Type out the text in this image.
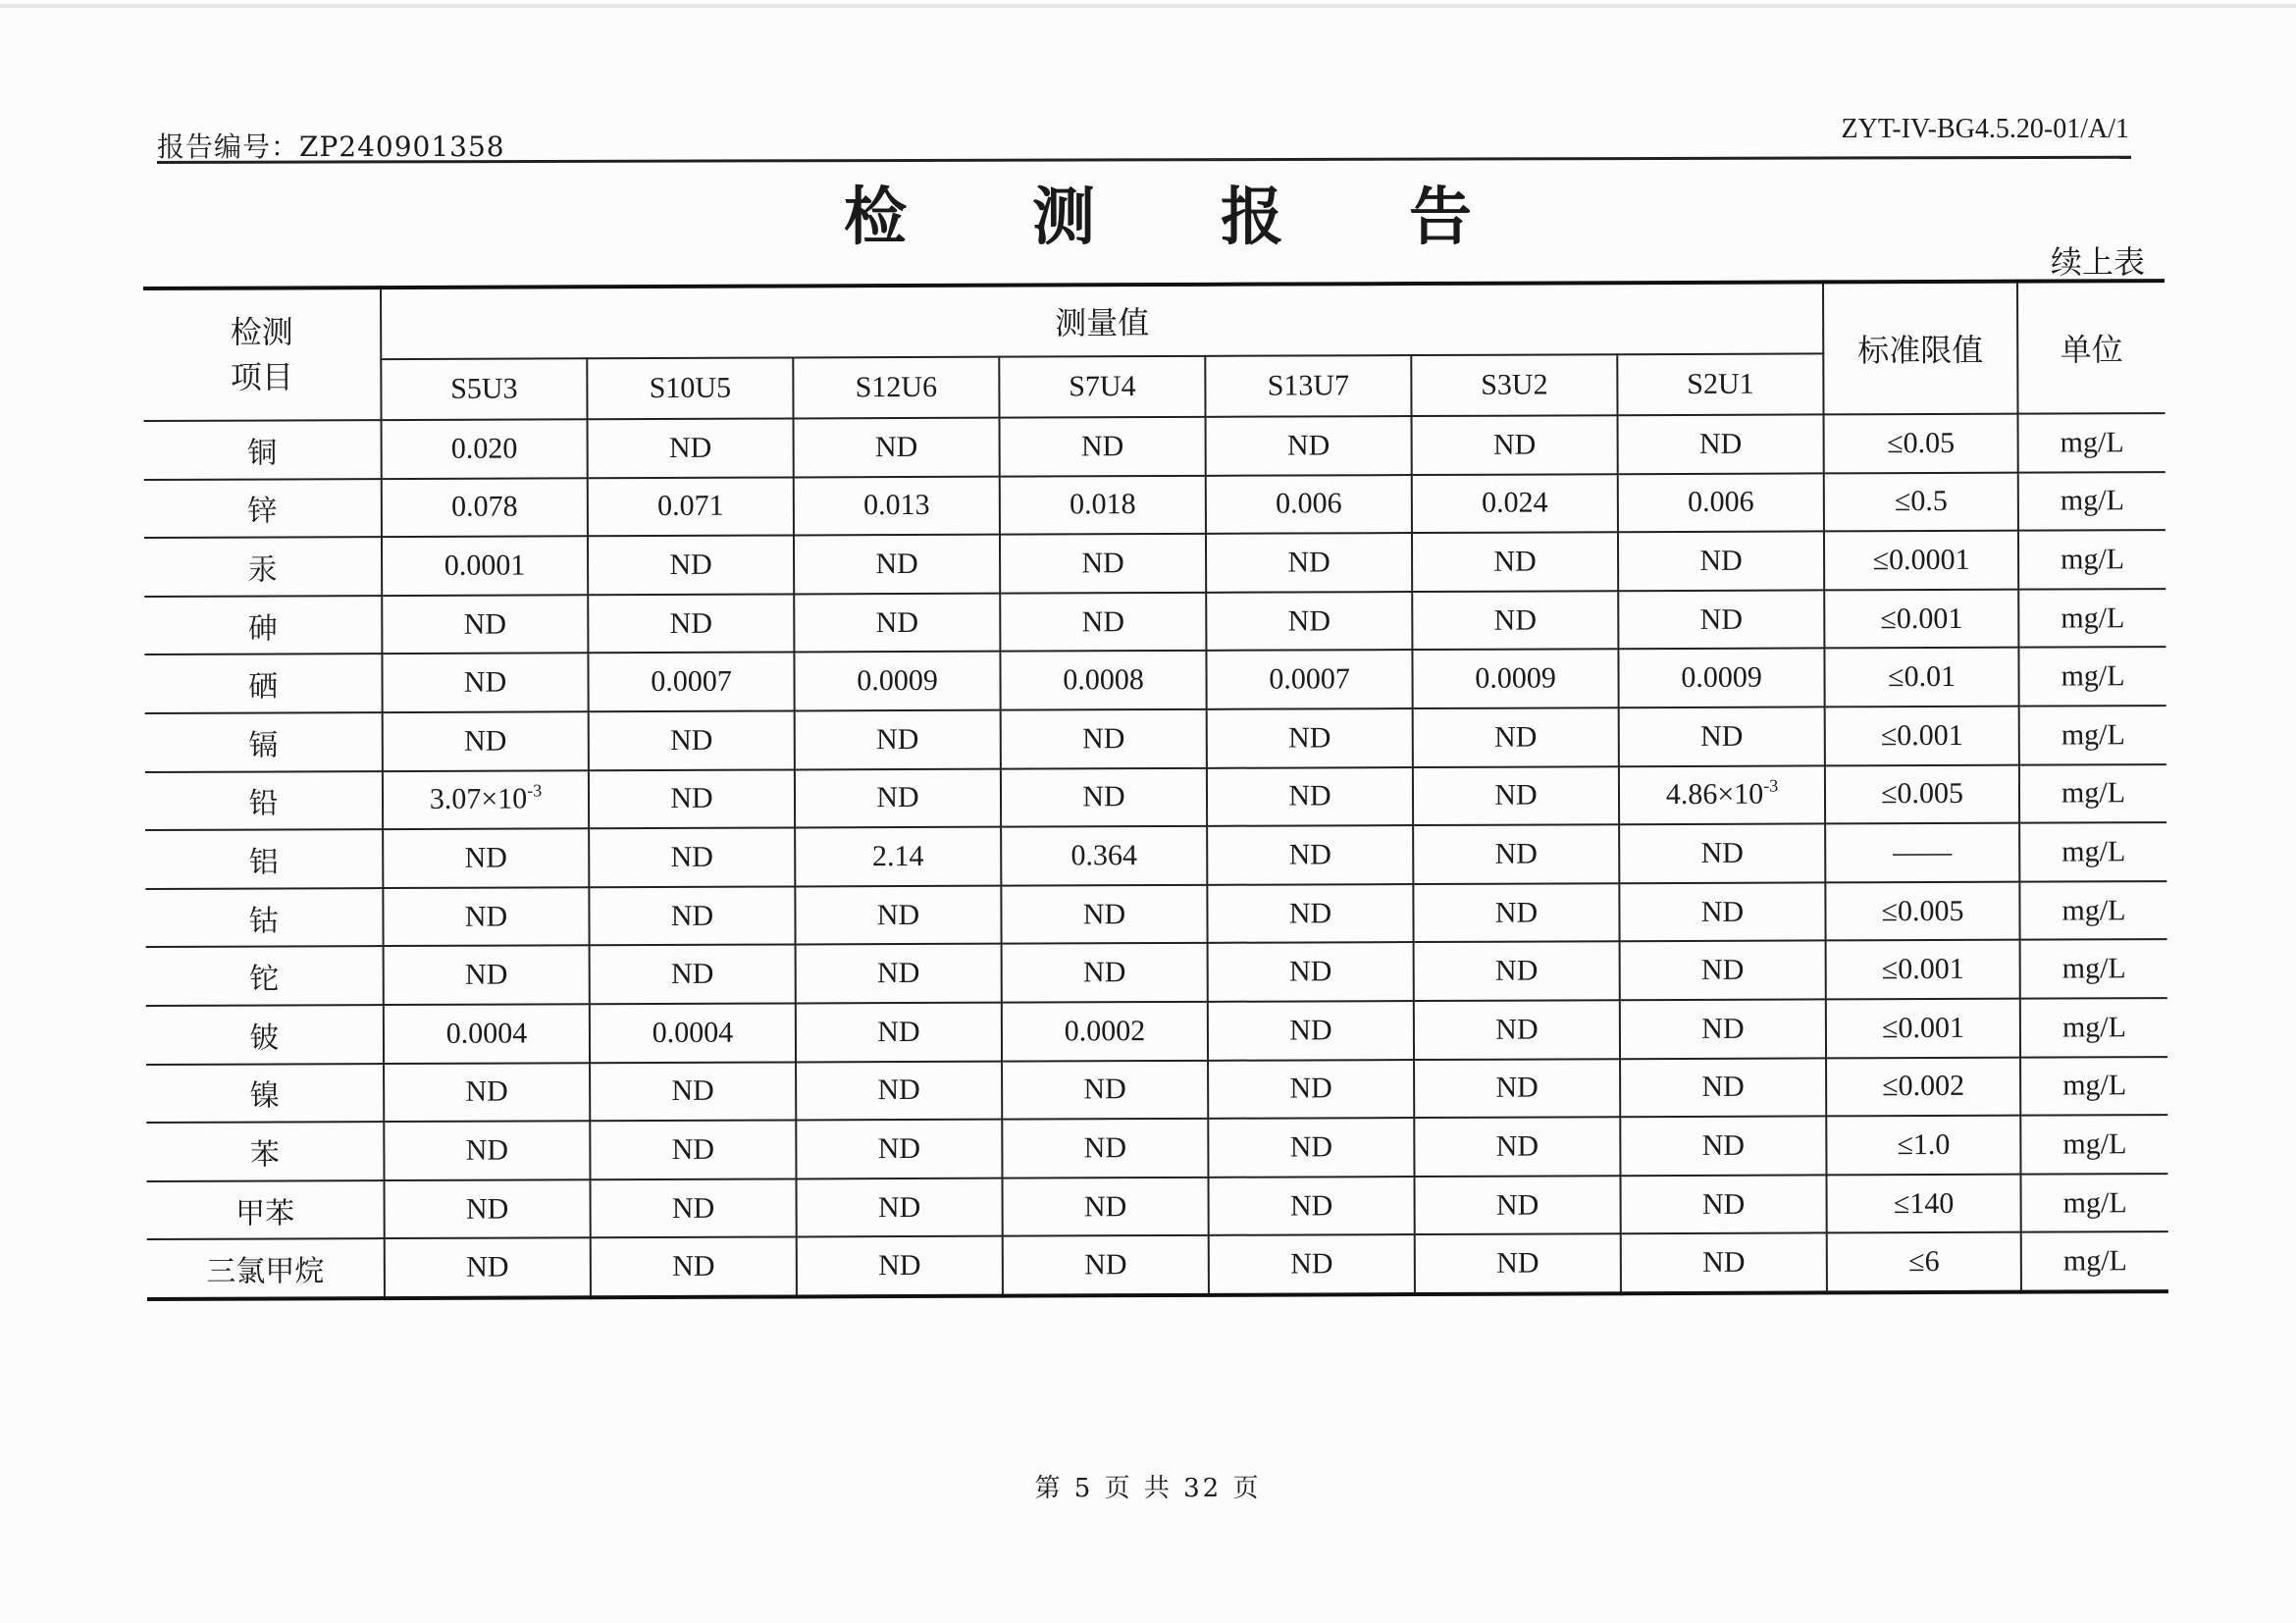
报告编号：ZP240901358
ZYT-IV-BG4.5.20-01/A/1
检 测 报 告
续上表
检测
项目	测量值							标准限值	单位
	S5U3	S10U5	S12U6	S7U4	S13U7	S3U2	S2U1		
铜	0.020	ND	ND	ND	ND	ND	ND	≤0.05	mg/L
锌	0.078	0.071	0.013	0.018	0.006	0.024	0.006	≤0.5	mg/L
汞	0.0001	ND	ND	ND	ND	ND	ND	≤0.0001	mg/L
砷	ND	ND	ND	ND	ND	ND	ND	≤0.001	mg/L
硒	ND	0.0007	0.0009	0.0008	0.0007	0.0009	0.0009	≤0.01	mg/L
镉	ND	ND	ND	ND	ND	ND	ND	≤0.001	mg/L
铅	$3.07\times 10^{-3}$	ND	ND	ND	ND	ND	$4.86\times 10^{-3}$	≤0.005	mg/L
铝	ND	ND	2.14	0.364	ND	ND	ND	——	mg/L
钴	ND	ND	ND	ND	ND	ND	ND	≤0.005	mg/L
铊	ND	ND	ND	ND	ND	ND	ND	≤0.001	mg/L
铍	0.0004	0.0004	ND	0.0002	ND	ND	ND	≤0.001	mg/L
镍	ND	ND	ND	ND	ND	ND	ND	≤0.002	mg/L
苯	ND	ND	ND	ND	ND	ND	ND	≤1.0	mg/L
甲苯	ND	ND	ND	ND	ND	ND	ND	≤140	mg/L
三氯甲烷	ND	ND	ND	ND	ND	ND	ND	≤6	mg/L
第 5 页 共 32 页
